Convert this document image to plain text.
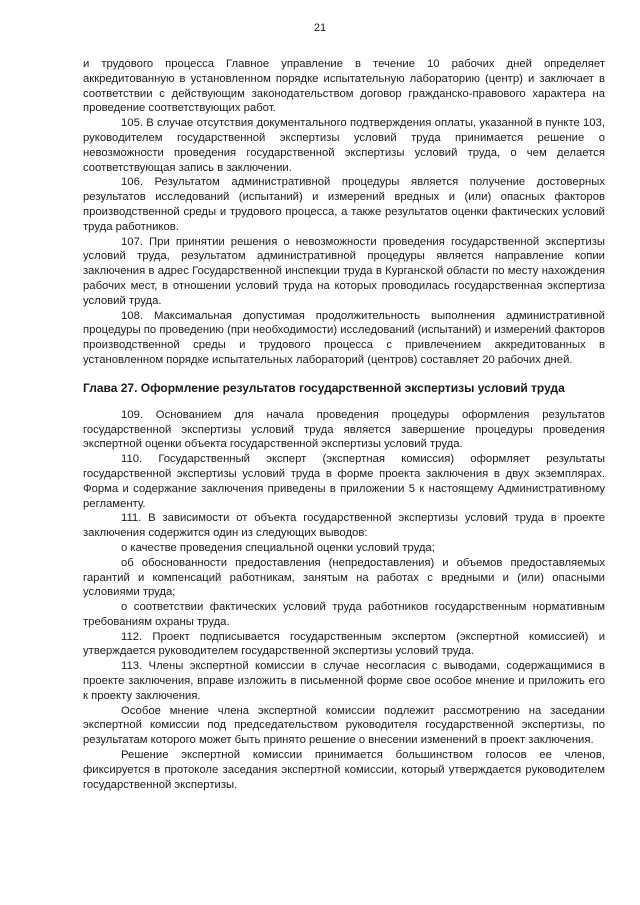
21

и трудового процесса Главное управление в течение 10 рабочих дней определяет аккредитованную в установленном порядке испытательную лабораторию (центр) и заключает в соответствии с действующим законодательством договор гражданско-правового характера на проведение соответствующих работ.

105. В случае отсутствия документального подтверждения оплаты, указанной в пункте 103, руководителем государственной экспертизы условий труда принимается решение о невозможности проведения государственной экспертизы условий труда, о чем делается соответствующая запись в заключении.

106. Результатом административной процедуры является получение достоверных результатов исследований (испытаний) и измерений вредных и (или) опасных факторов производственной среды и трудового процесса, а также результатов оценки фактических условий труда работников.

107. При принятии решения о невозможности проведения государственной экспертизы условий труда, результатом административной процедуры является направление копии заключения в адрес Государственной инспекции труда в Курганской области по месту нахождения рабочих мест, в отношении условий труда на которых проводилась государственная экспертиза условий труда.

108. Максимальная допустимая продолжительность выполнения административной процедуры по проведению (при необходимости) исследований (испытаний) и измерений факторов производственной среды и трудового процесса с привлечением аккредитованных в установленном порядке испытательных лабораторий (центров) составляет 20 рабочих дней.

Глава 27. Оформление результатов государственной экспертизы условий труда

109. Основанием для начала проведения процедуры оформления результатов государственной экспертизы условий труда является завершение процедуры проведения экспертной оценки объекта государственной экспертизы условий труда.

110. Государственный эксперт (экспертная комиссия) оформляет результаты государственной экспертизы условий труда в форме проекта заключения в двух экземплярах. Форма и содержание заключения приведены в приложении 5 к настоящему Административному регламенту.

111. В зависимости от объекта государственной экспертизы условий труда в проекте заключения содержится один из следующих выводов:

о качестве проведения специальной оценки условий труда;

об обоснованности предоставления (непредоставления) и объемов предоставляемых гарантий и компенсаций работникам, занятым на работах с вредными и (или) опасными условиями труда;

о соответствии фактических условий труда работников государственным нормативным требованиям охраны труда.

112. Проект подписывается государственным экспертом (экспертной комиссией) и утверждается руководителем государственной экспертизы условий труда.

113. Члены экспертной комиссии в случае несогласия с выводами, содержащимися в проекте заключения, вправе изложить в письменной форме свое особое мнение и приложить его к проекту заключения.

Особое мнение члена экспертной комиссии подлежит рассмотрению на заседании экспертной комиссии под председательством руководителя государственной экспертизы, по результатам которого может быть принято решение о внесении изменений в проект заключения.

Решение экспертной комиссии принимается большинством голосов ее членов, фиксируется в протоколе заседания экспертной комиссии, который утверждается руководителем государственной экспертизы.
